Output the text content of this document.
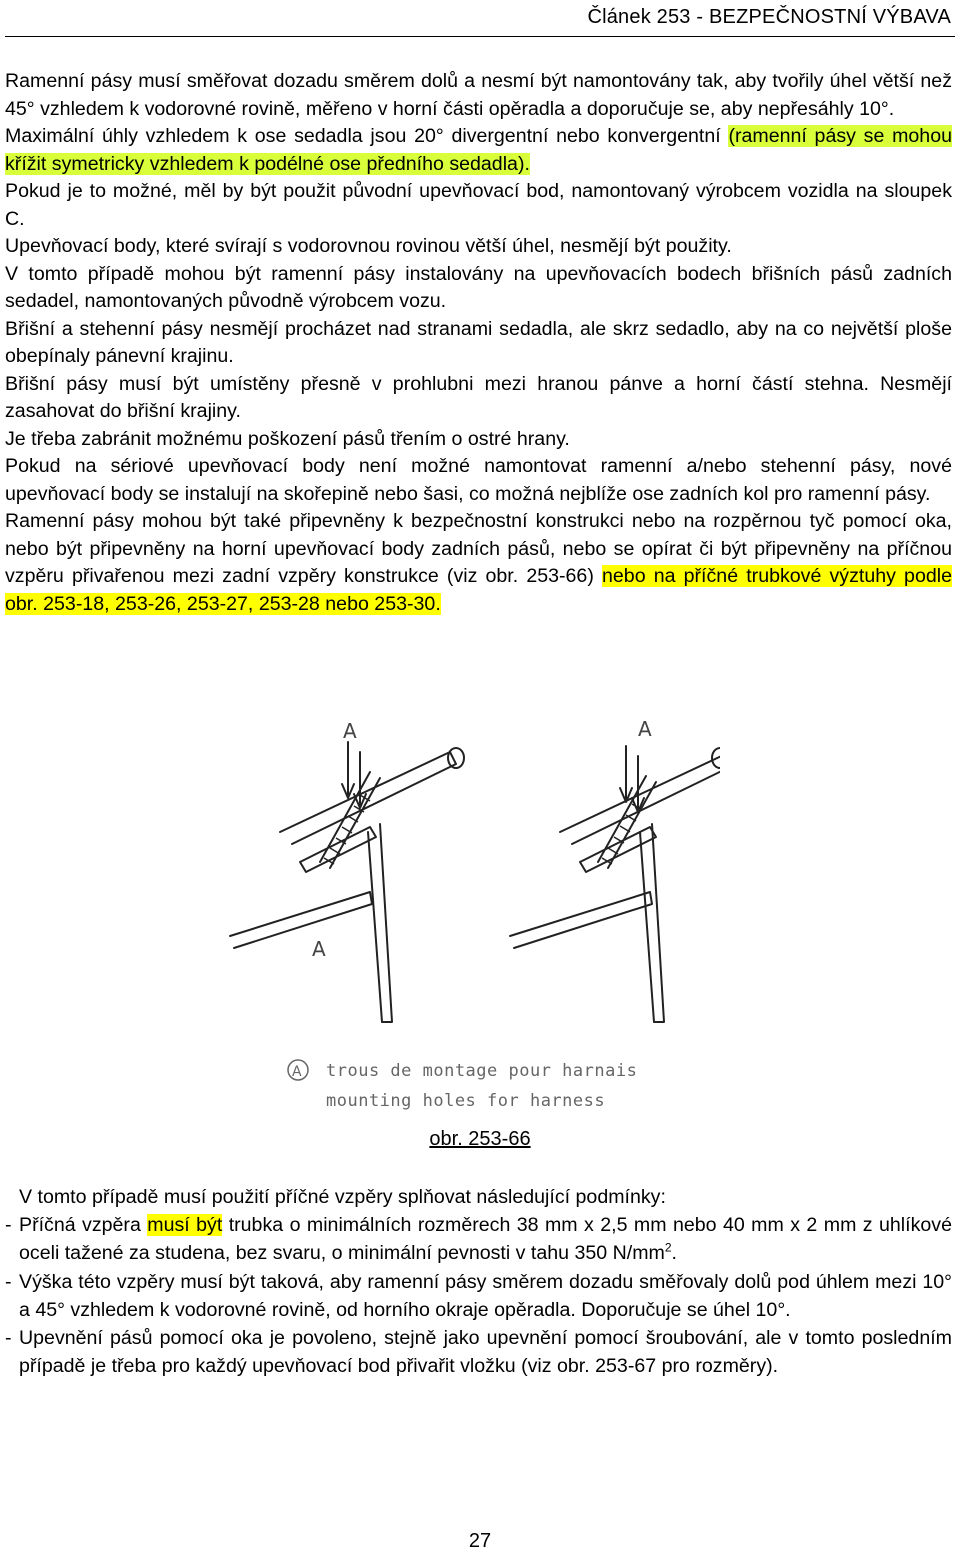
Článek 253 - BEZPEČNOSTNÍ VÝBAVA

Ramenní pásy musí směřovat dozadu směrem dolů a nesmí být namontovány tak, aby tvořily úhel větší než 45° vzhledem k vodorovné rovině, měřeno v horní části opěradla a doporučuje se, aby nepřesáhly 10°.

Maximální úhly vzhledem k ose sedadla jsou 20° divergentní nebo konvergentní (ramenní pásy se mohou křížit symetricky vzhledem k podélné ose předního sedadla).

Pokud je to možné, měl by být použit původní upevňovací bod, namontovaný výrobcem vozidla na sloupek C.

Upevňovací body, které svírají s vodorovnou rovinou větší úhel, nesmějí být použity.

V tomto případě mohou být ramenní pásy instalovány na upevňovacích bodech břišních pásů zadních sedadel, namontovaných původně výrobcem vozu.

Břišní a stehenní pásy nesmějí procházet nad stranami sedadla, ale skrz sedadlo, aby na co největší ploše obepínaly pánevní krajinu.

Břišní pásy musí být umístěny přesně v prohlubni mezi hranou pánve a horní částí stehna. Nesmějí zasahovat do břišní krajiny.

Je třeba zabránit možnému poškození pásů třením o ostré hrany.

Pokud na sériové upevňovací body není možné namontovat ramenní a/nebo stehenní pásy, nové upevňovací body se instalují na skořepině nebo šasi, co možná nejblíže ose zadních kol pro ramenní pásy.

Ramenní pásy mohou být také připevněny k bezpečnostní konstrukci nebo na rozpěrnou tyč pomocí oka, nebo být připevněny na horní upevňovací body zadních pásů, nebo se opírat či být připevněny na příčnou vzpěru přivařenou mezi zadní vzpěry konstrukce (viz obr. 253-66) nebo na příčné trubkové výztuhy podle obr. 253-18, 253-26, 253-27, 253-28 nebo 253-30.

A
A
A
A trous de montage pour harnais
mounting holes for harness
obr. 253-66

V tomto případě musí použití příčné vzpěry splňovat následující podmínky:

- Příčná vzpěra musí být trubka o minimálních rozměrech 38 mm x 2,5 mm nebo 40 mm x 2 mm z uhlíkové oceli tažené za studena, bez svaru, o minimální pevnosti v tahu 350 $N/mm^2$.

- Výška této vzpěry musí být taková, aby ramenní pásy směrem dozadu směřovaly dolů pod úhlem mezi 10° a 45° vzhledem k vodorovné rovině, od horního okraje opěradla. Doporučuje se úhel 10°.

- Upevnění pásů pomocí oka je povoleno, stejně jako upevnění pomocí šroubování, ale v tomto posledním případě je třeba pro každý upevňovací bod přivařit vložku (viz obr. 253-67 pro rozměry).

27
